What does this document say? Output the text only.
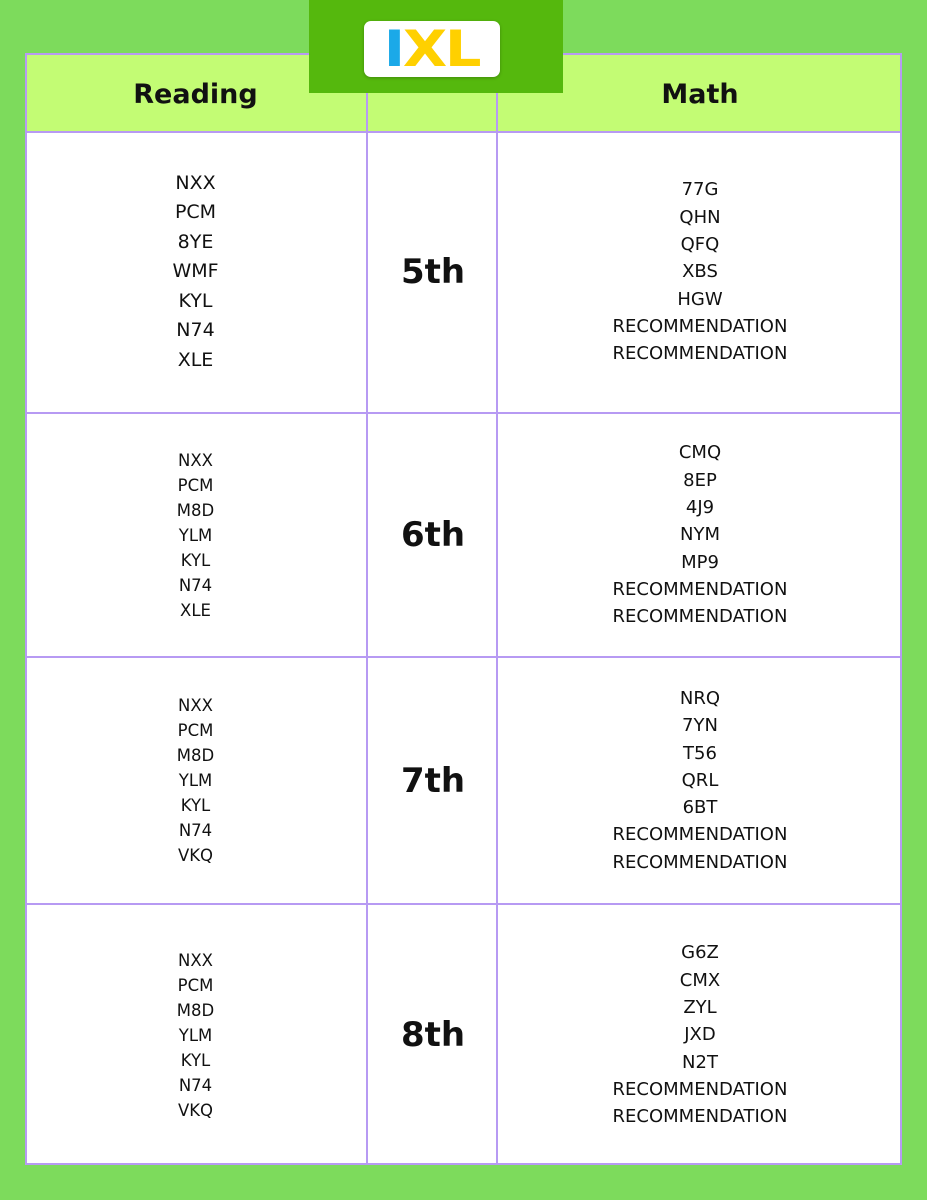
Reading	Math
NXX
PCM
8YE
WMF
KYL
N74
XLE
5th
77G
QHN
QFQ
XBS
HGW
RECOMMENDATION
RECOMMENDATION
NXX
PCM
M8D
YLM
KYL
N74
XLE
6th
CMQ
8EP
4J9
NYM
MP9
RECOMMENDATION
RECOMMENDATION
NXX
PCM
M8D
YLM
KYL
N74
VKQ
7th
NRQ
7YN
T56
QRL
6BT
RECOMMENDATION
RECOMMENDATION
NXX
PCM
M8D
YLM
KYL
N74
VKQ
8th
G6Z
CMX
ZYL
JXD
N2T
RECOMMENDATION
RECOMMENDATION
IXL
